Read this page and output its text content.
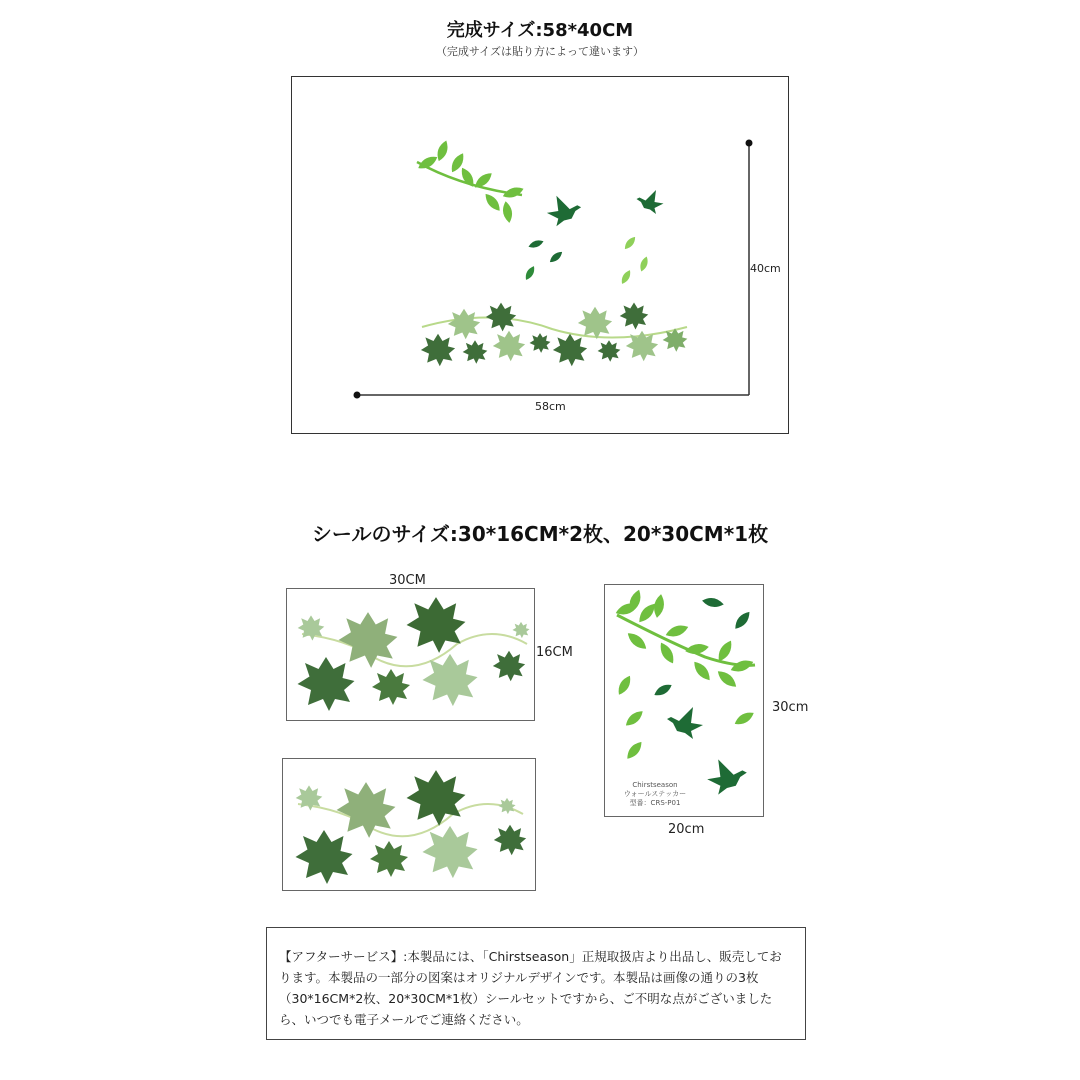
完成サイズ:58*40CM
（完成サイズは貼り方によって違います）
40cm
58cm
シールのサイズ:30*16CM*2枚、20*30CM*1枚
30CM
16CM
Chirstseason
ウォールステッカー
型番：CRS-P01
30cm
20cm
【アフターサービス】:本製品には、「Chirstseason」正規取扱店より出品し、販売しております。本製品の一部分の図案はオリジナルデザインです。本製品は画像の通りの3枚（30*16CM*2枚、20*30CM*1枚）シールセットですから、ご不明な点がございましたら、いつでも電子メールでご連絡ください。
